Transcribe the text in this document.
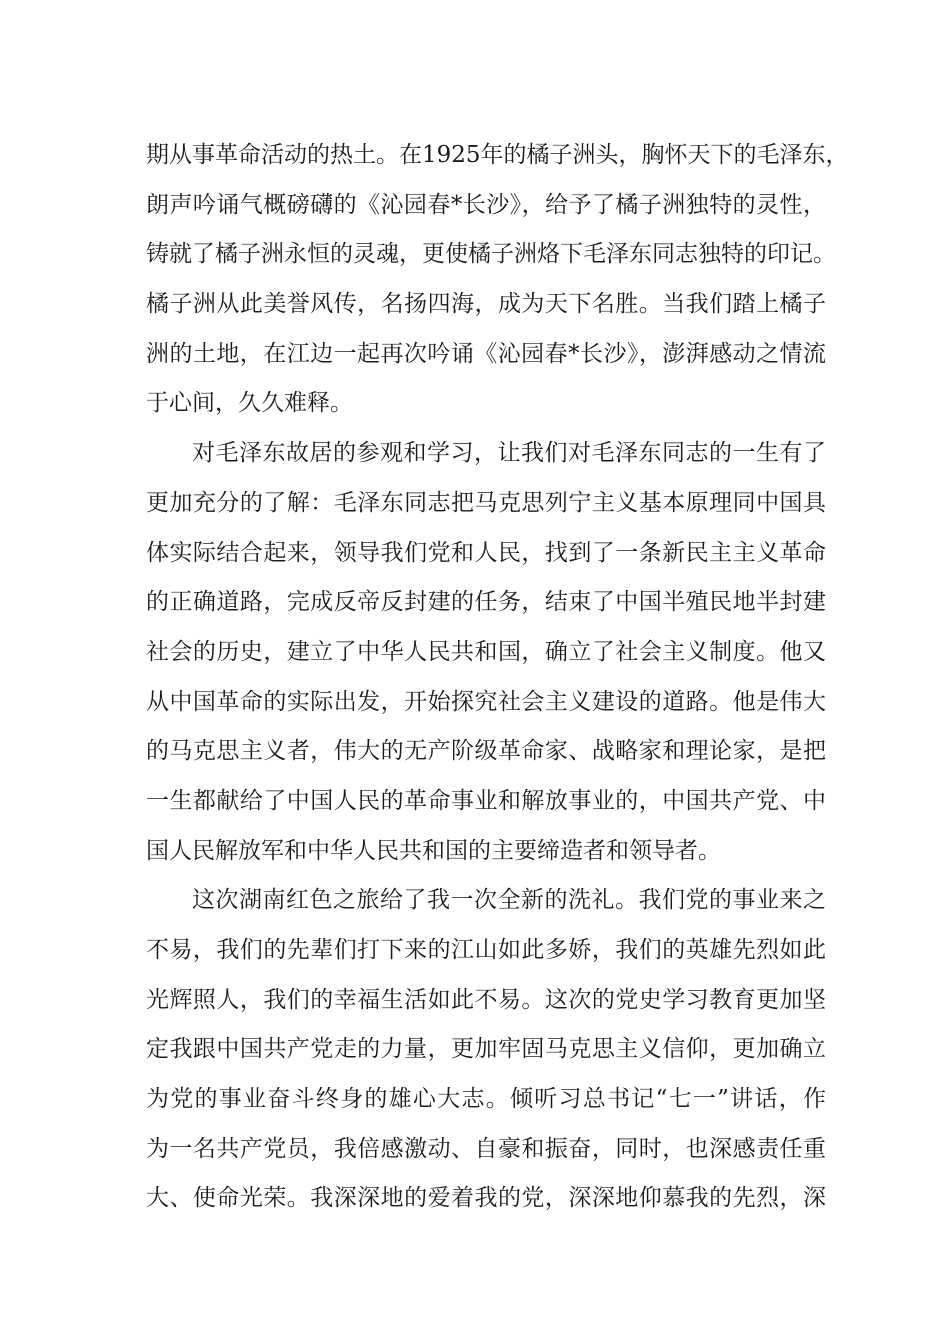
期从事革命活动的热土。在1925年的橘子洲头，胸怀天下的毛泽东，
朗声吟诵气概磅礴的《沁园春*长沙》，给予了橘子洲独特的灵性，
铸就了橘子洲永恒的灵魂，更使橘子洲烙下毛泽东同志独特的印记。
橘子洲从此美誉风传，名扬四海，成为天下名胜。当我们踏上橘子
洲的土地，在江边一起再次吟诵《沁园春*长沙》，澎湃感动之情流
于心间，久久难释。
对毛泽东故居的参观和学习，让我们对毛泽东同志的一生有了
更加充分的了解：毛泽东同志把马克思列宁主义基本原理同中国具
体实际结合起来，领导我们党和人民，找到了一条新民主主义革命
的正确道路，完成反帝反封建的任务，结束了中国半殖民地半封建
社会的历史，建立了中华人民共和国，确立了社会主义制度。他又
从中国革命的实际出发，开始探究社会主义建设的道路。他是伟大
的马克思主义者，伟大的无产阶级革命家、战略家和理论家，是把
一生都献给了中国人民的革命事业和解放事业的，中国共产党、中
国人民解放军和中华人民共和国的主要缔造者和领导者。
这次湖南红色之旅给了我一次全新的洗礼。我们党的事业来之
不易，我们的先辈们打下来的江山如此多娇，我们的英雄先烈如此
光辉照人，我们的幸福生活如此不易。这次的党史学习教育更加坚
定我跟中国共产党走的力量，更加牢固马克思主义信仰，更加确立
为党的事业奋斗终身的雄心大志。倾听习总书记“七一”讲话，作
为一名共产党员，我倍感激动、自豪和振奋，同时，也深感责任重
大、使命光荣。我深深地的爱着我的党，深深地仰慕我的先烈，深
